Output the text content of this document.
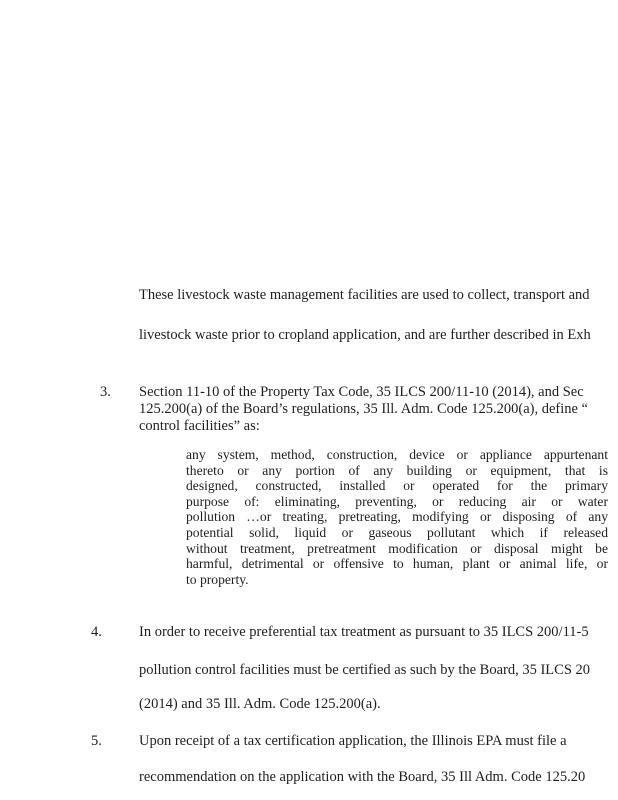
These livestock waste management facilities are used to collect, transport and
livestock waste prior to cropland application, and are further described in Exh
3. Section 11-10 of the Property Tax Code, 35 ILCS 200/11-10 (2014), and Sec
125.200(a) of the Board’s regulations, 35 Ill. Adm. Code 125.200(a), define “
control facilities” as:
any system, method, construction, device or appliance appurtenant
thereto or any portion of any building or equipment, that is
designed, constructed, installed or operated for the primary
purpose of: eliminating, preventing, or reducing air or water
pollution …or treating, pretreating, modifying or disposing of any
potential solid, liquid or gaseous pollutant which if released
without treatment, pretreatment modification or disposal might be
harmful, detrimental or offensive to human, plant or animal life, or
to property.
4.	In order to receive preferential tax treatment as pursuant to 35 ILCS 200/11-5
pollution control facilities must be certified as such by the Board, 35 ILCS 20
(2014) and 35 Ill. Adm. Code 125.200(a).
5.	Upon receipt of a tax certification application, the Illinois EPA must file a
recommendation on the application with the Board, 35 Ill Adm. Code 125.20
